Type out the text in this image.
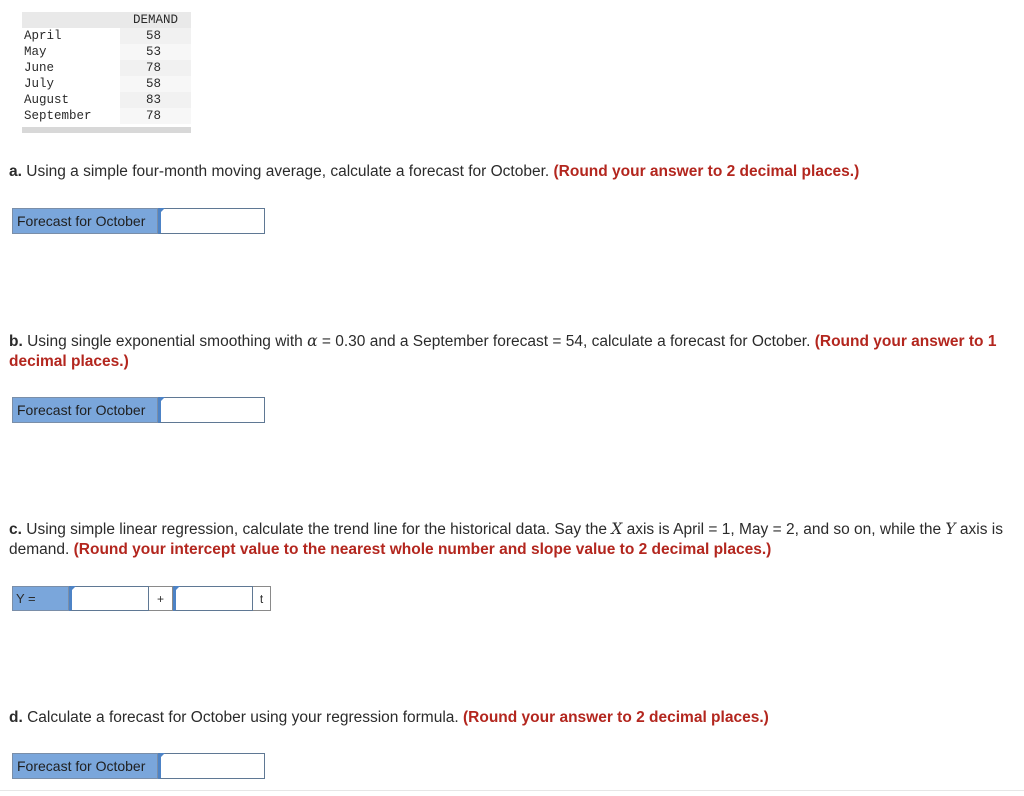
DEMAND
April	58
May	53
June	78
July	58
August	83
September	78
a. Using a simple four-month moving average, calculate a forecast for October. (Round your answer to 2 decimal places.)
Forecast for October
b. Using single exponential smoothing with α = 0.30 and a September forecast = 54, calculate a forecast for October. (Round your answer to 1 decimal places.)
Forecast for October
c. Using simple linear regression, calculate the trend line for the historical data. Say the X axis is April = 1, May = 2, and so on, while the Y axis is demand. (Round your intercept value to the nearest whole number and slope value to 2 decimal places.)
Y =	+	t
d. Calculate a forecast for October using your regression formula. (Round your answer to 2 decimal places.)
Forecast for October
